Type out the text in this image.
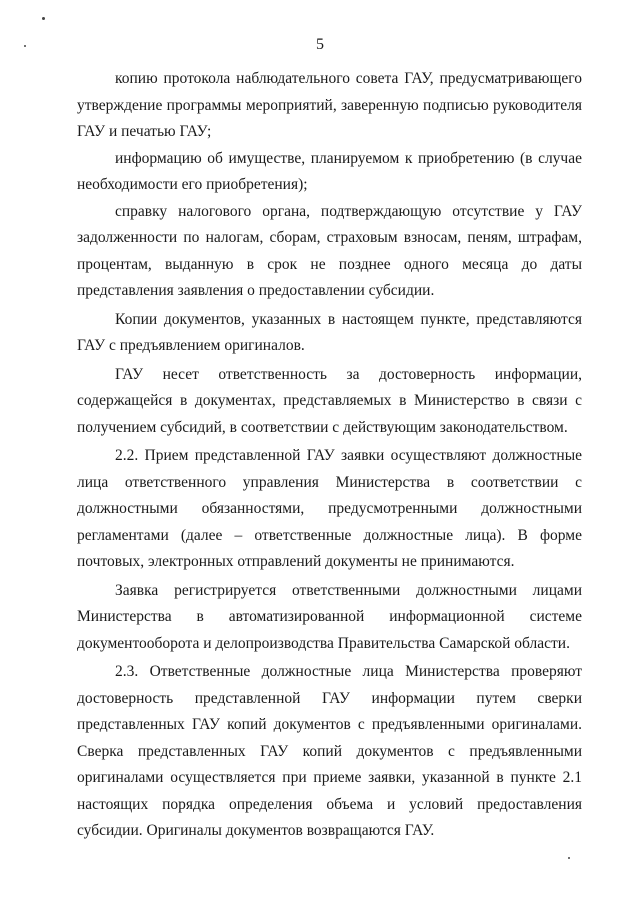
5

копию протокола наблюдательного совета ГАУ, предусматривающего утверждение программы мероприятий, заверенную подписью руководителя ГАУ и печатью ГАУ;

информацию об имуществе, планируемом к приобретению (в случае необходимости его приобретения);

справку налогового органа, подтверждающую отсутствие у ГАУ задолженности по налогам, сборам, страховым взносам, пеням, штрафам, процентам, выданную в срок не позднее одного месяца до даты представления заявления о предоставлении субсидии.

Копии документов, указанных в настоящем пункте, представляются ГАУ с предъявлением оригиналов.

ГАУ несет ответственность за достоверность информации, содержащейся в документах, представляемых в Министерство в связи с получением субсидий, в соответствии с действующим законодательством.

2.2. Прием представленной ГАУ заявки осуществляют должностные лица ответственного управления Министерства в соответствии с должностными обязанностями, предусмотренными должностными регламентами (далее – ответственные должностные лица). В форме почтовых, электронных отправлений документы не принимаются.

Заявка регистрируется ответственными должностными лицами Министерства в автоматизированной информационной системе документооборота и делопроизводства Правительства Самарской области.

2.3. Ответственные должностные лица Министерства проверяют достоверность представленной ГАУ информации путем сверки представленных ГАУ копий документов с предъявленными оригиналами. Сверка представленных ГАУ копий документов с предъявленными оригиналами осуществляется при приеме заявки, указанной в пункте 2.1 настоящих порядка определения объема и условий предоставления субсидии. Оригиналы документов возвращаются ГАУ.
